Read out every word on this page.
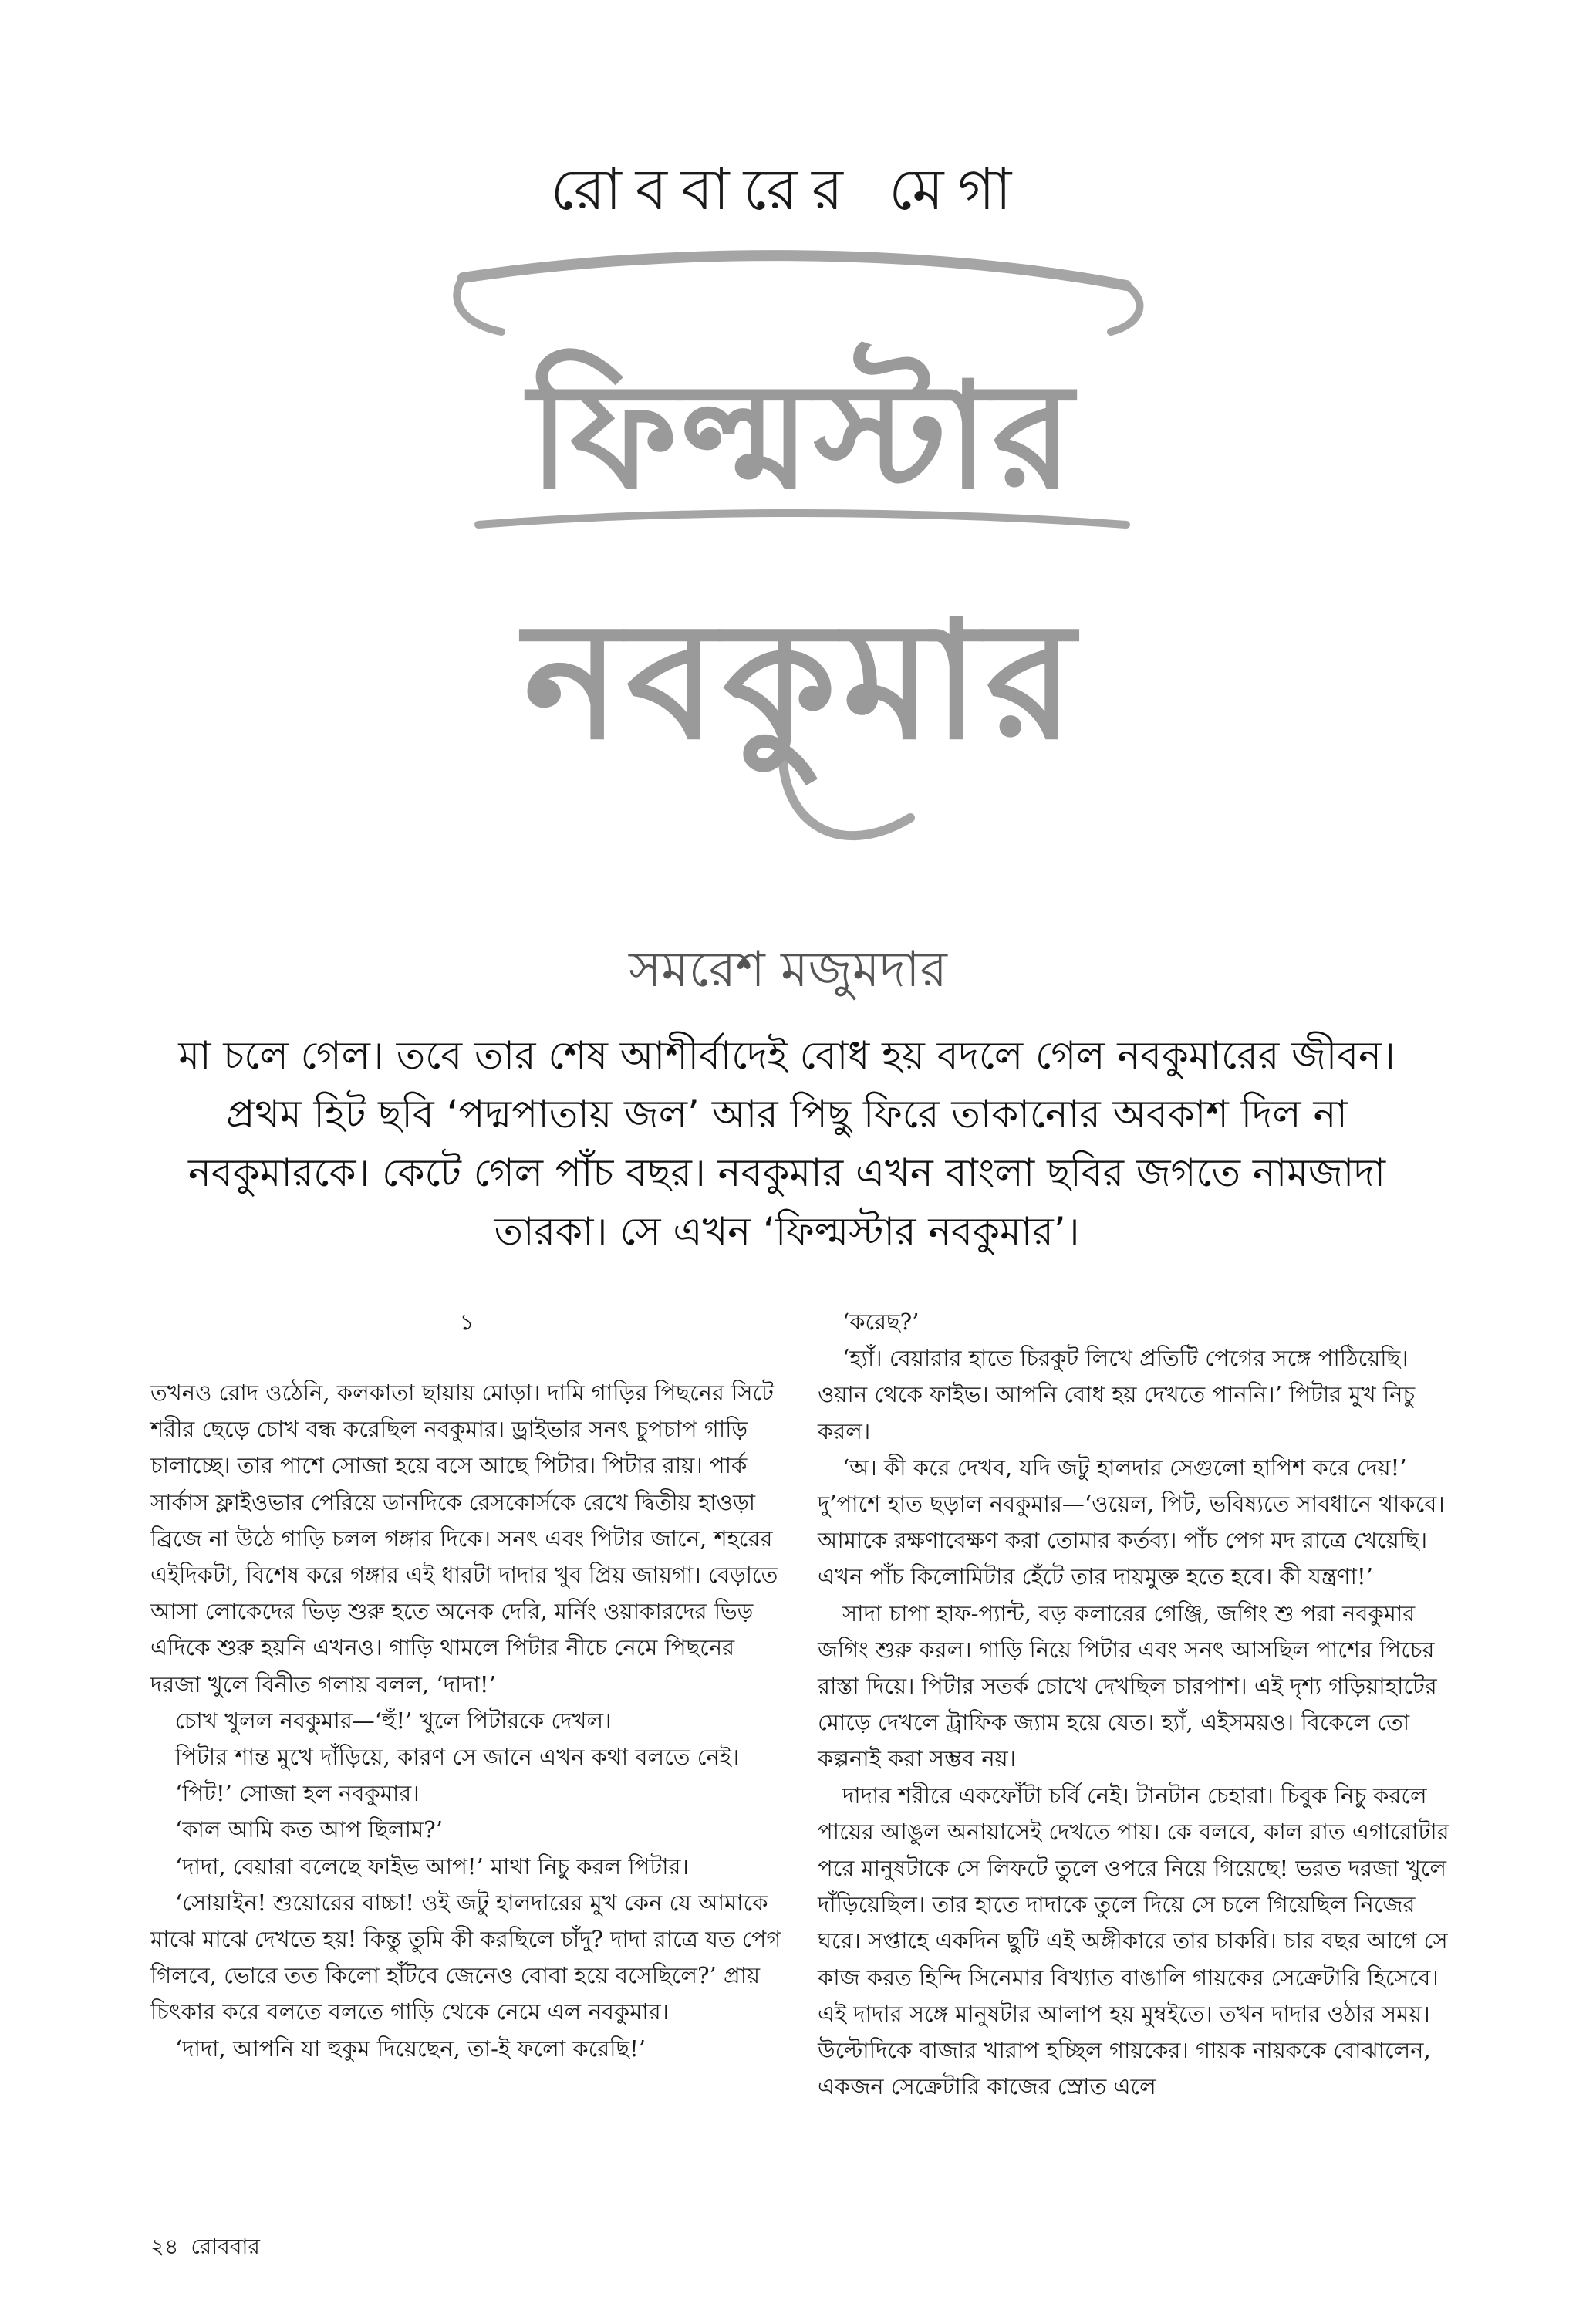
রোববারের মেগা
ফিল্মস্টার
নবকুমার
সমরেশ মজুমদার
মা চলে গেল। তবে তার শেষ আশীর্বাদেই বোধ হয় বদলে গেল নবকুমারের জীবন। প্রথম হিট ছবি ‘পদ্মপাতায় জল’ আর পিছু ফিরে তাকানোর অবকাশ দিল না নবকুমারকে। কেটে গেল পাঁচ বছর। নবকুমার এখন বাংলা ছবির জগতে নামজাদা তারকা। সে এখন ‘ফিল্মস্টার নবকুমার’।
১

তখনও রোদ ওঠেনি, কলকাতা ছায়ায় মোড়া। দামি গাড়ির পিছনের সিটে শরীর ছেড়ে চোখ বন্ধ করেছিল নবকুমার। ড্রাইভার সনৎ চুপচাপ গাড়ি চালাচ্ছে। তার পাশে সোজা হয়ে বসে আছে পিটার। পিটার রায়। পার্ক সার্কাস ফ্লাইওভার পেরিয়ে ডানদিকে রেসকোর্সকে রেখে দ্বিতীয় হাওড়া ব্রিজে না উঠে গাড়ি চলল গঙ্গার দিকে। সনৎ এবং পিটার জানে, শহরের এইদিকটা, বিশেষ করে গঙ্গার এই ধারটা দাদার খুব প্রিয় জায়গা। বেড়াতে আসা লোকেদের ভিড় শুরু হতে অনেক দেরি, মর্নিং ওয়াকারদের ভিড় এদিকে শুরু হয়নি এখনও। গাড়ি থামলে পিটার নীচে নেমে পিছনের দরজা খুলে বিনীত গলায় বলল, ‘দাদা!’

চোখ খুলল নবকুমার—‘হুঁ!’ খুলে পিটারকে দেখল।

পিটার শান্ত মুখে দাঁড়িয়ে, কারণ সে জানে এখন কথা বলতে নেই।

‘পিট!’ সোজা হল নবকুমার।

‘কাল আমি কত আপ ছিলাম?’

‘দাদা, বেয়ারা বলেছে ফাইভ আপ!’ মাথা নিচু করল পিটার।

‘সোয়াইন! শুয়োরের বাচ্চা! ওই জটু হালদারের মুখ কেন যে আমাকে মাঝে মাঝে দেখতে হয়! কিন্তু তুমি কী করছিলে চাঁদু? দাদা রাত্রে যত পেগ গিলবে, ভোরে তত কিলো হাঁটবে জেনেও বোবা হয়ে বসেছিলে?’ প্রায় চিৎকার করে বলতে বলতে গাড়ি থেকে নেমে এল নবকুমার।

‘দাদা, আপনি যা হুকুম দিয়েছেন, তা-ই ফলো করেছি!’

‘করেছ?’

‘হ্যাঁ। বেয়ারার হাতে চিরকুট লিখে প্রতিটি পেগের সঙ্গে পাঠিয়েছি। ওয়ান থেকে ফাইভ। আপনি বোধ হয় দেখতে পাননি।’ পিটার মুখ নিচু করল।

‘অ। কী করে দেখব, যদি জটু হালদার সেগুলো হাপিশ করে দেয়!’ দু’পাশে হাত ছড়াল নবকুমার—‘ওয়েল, পিট, ভবিষ্যতে সাবধানে থাকবে। আমাকে রক্ষণাবেক্ষণ করা তোমার কর্তব্য। পাঁচ পেগ মদ রাত্রে খেয়েছি। এখন পাঁচ কিলোমিটার হেঁটে তার দায়মুক্ত হতে হবে। কী যন্ত্রণা!’

সাদা চাপা হাফ-প্যান্ট, বড় কলারের গেঞ্জি, জগিং শু পরা নবকুমার জগিং শুরু করল। গাড়ি নিয়ে পিটার এবং সনৎ আসছিল পাশের পিচের রাস্তা দিয়ে। পিটার সতর্ক চোখে দেখছিল চারপাশ। এই দৃশ্য গড়িয়াহাটের মোড়ে দেখলে ট্রাফিক জ্যাম হয়ে যেত। হ্যাঁ, এইসময়ও। বিকেলে তো কল্পনাই করা সম্ভব নয়।

দাদার শরীরে একফোঁটা চর্বি নেই। টানটান চেহারা। চিবুক নিচু করলে পায়ের আঙুল অনায়াসেই দেখতে পায়। কে বলবে, কাল রাত এগারোটার পরে মানুষটাকে সে লিফটে তুলে ওপরে নিয়ে গিয়েছে! ভরত দরজা খুলে দাঁড়িয়েছিল। তার হাতে দাদাকে তুলে দিয়ে সে চলে গিয়েছিল নিজের ঘরে। সপ্তাহে একদিন ছুটি এই অঙ্গীকারে তার চাকরি। চার বছর আগে সে কাজ করত হিন্দি সিনেমার বিখ্যাত বাঙালি গায়কের সেক্রেটারি হিসেবে। এই দাদার সঙ্গে মানুষটার আলাপ হয় মুম্বইতে। তখন দাদার ওঠার সময়। উল্টোদিকে বাজার খারাপ হচ্ছিল গায়কের। গায়ক নায়ককে বোঝালেন, একজন সেক্রেটারি কাজের স্রোত এলে

২৪ রোববার
